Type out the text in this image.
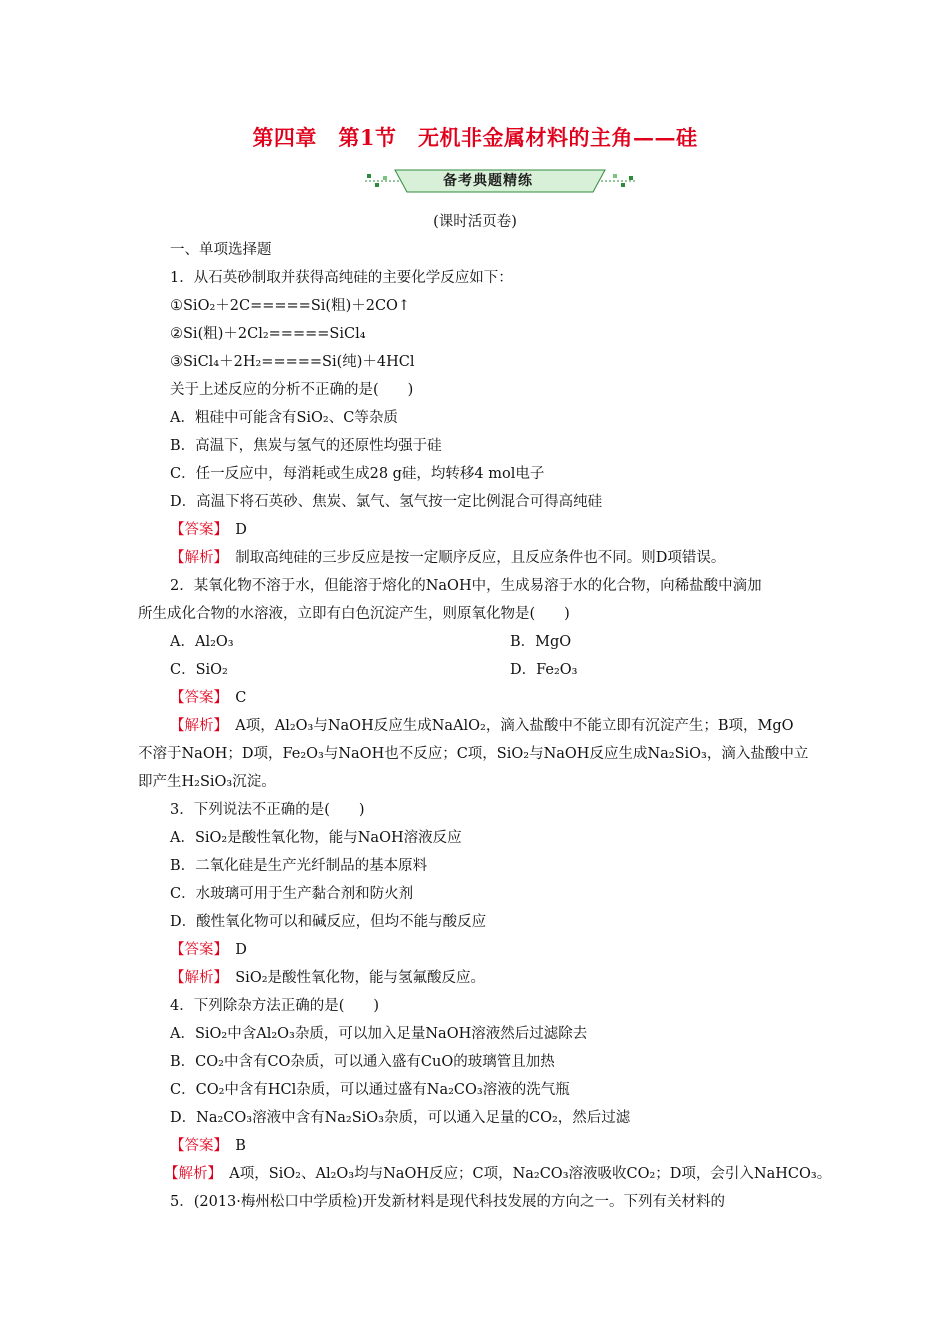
第四章　第1节　无机非金属材料的主角——硅
备考典题精练
(课时活页卷)
一、单项选择题
1．从石英砂制取并获得高纯硅的主要化学反应如下：
①SiO₂＋2C=====Si(粗)＋2CO↑
②Si(粗)＋2Cl₂=====SiCl₄
③SiCl₄＋2H₂=====Si(纯)＋4HCl
关于上述反应的分析不正确的是(　　)
A．粗硅中可能含有SiO₂、C等杂质
B．高温下，焦炭与氢气的还原性均强于硅
C．任一反应中，每消耗或生成28 g硅，均转移4 mol电子
D．高温下将石英砂、焦炭、氯气、氢气按一定比例混合可得高纯硅
【答案】　D
【解析】　制取高纯硅的三步反应是按一定顺序反应，且反应条件也不同。则D项错误。
2．某氧化物不溶于水，但能溶于熔化的NaOH中，生成易溶于水的化合物，向稀盐酸中滴加
所生成化合物的水溶液，立即有白色沉淀产生，则原氧化物是(　　)
A．Al₂O₃	B．MgO
C．SiO₂	D．Fe₂O₃
【答案】　C
【解析】　A项，Al₂O₃与NaOH反应生成NaAlO₂，滴入盐酸中不能立即有沉淀产生；B项，MgO
不溶于NaOH；D项，Fe₂O₃与NaOH也不反应；C项，SiO₂与NaOH反应生成Na₂SiO₃，滴入盐酸中立
即产生H₂SiO₃沉淀。
3．下列说法不正确的是(　　)
A．SiO₂是酸性氧化物，能与NaOH溶液反应
B．二氧化硅是生产光纤制品的基本原料
C．水玻璃可用于生产黏合剂和防火剂
D．酸性氧化物可以和碱反应，但均不能与酸反应
【答案】　D
【解析】　SiO₂是酸性氧化物，能与氢氟酸反应。
4．下列除杂方法正确的是(　　)
A．SiO₂中含Al₂O₃杂质，可以加入足量NaOH溶液然后过滤除去
B．CO₂中含有CO杂质，可以通入盛有CuO的玻璃管且加热
C．CO₂中含有HCl杂质，可以通过盛有Na₂CO₃溶液的洗气瓶
D．Na₂CO₃溶液中含有Na₂SiO₃杂质，可以通入足量的CO₂，然后过滤
【答案】　B
【解析】　A项，SiO₂、Al₂O₃均与NaOH反应；C项，Na₂CO₃溶液吸收CO₂；D项，会引入NaHCO₃。
5．(2013·梅州松口中学质检)开发新材料是现代科技发展的方向之一。下列有关材料的
